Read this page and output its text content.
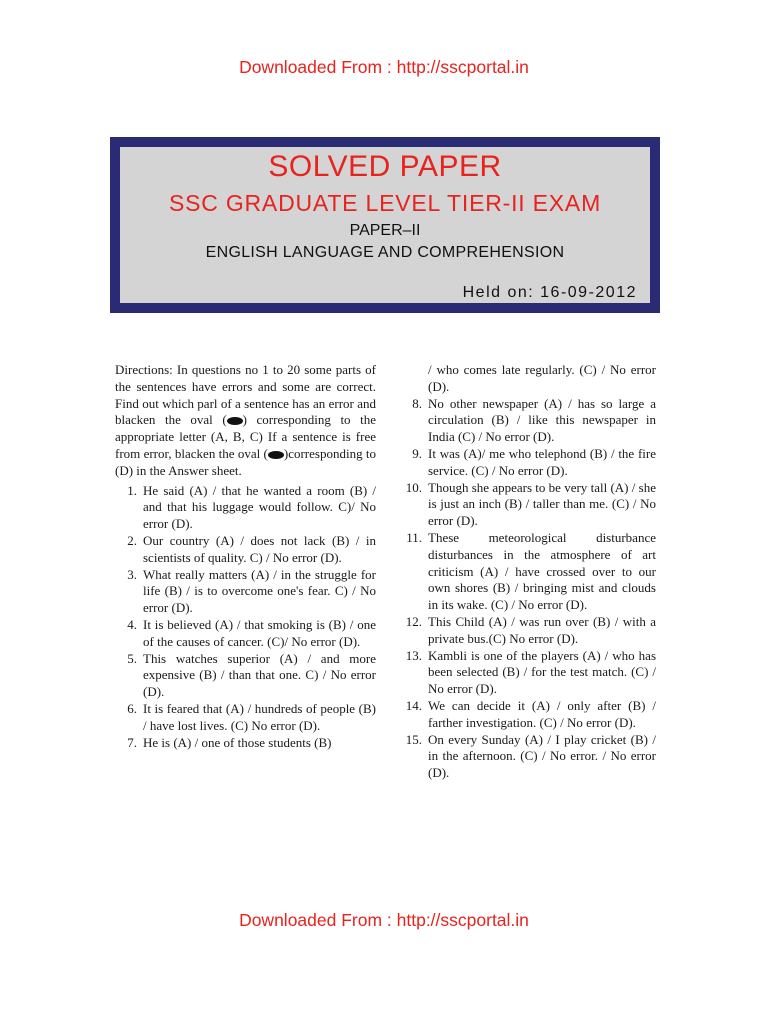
Downloaded From : http://sscportal.in
SOLVED PAPER
SSC GRADUATE LEVEL TIER-II EXAM
PAPER–II
ENGLISH LANGUAGE AND COMPREHENSION
Held on: 16-09-2012

Directions: In questions no 1 to 20 some parts of the sentences have errors and some are correct. Find out which parl of a sentence has an error and blacken the oval ( ) corresponding to the appropriate letter (A, B, C) If a sentence is free from error, blacken the oval ( )corresponding to (D) in the Answer sheet.

1. He said (A) / that he wanted a room (B) / and that his luggage would follow. C)/ No error (D).
2. Our country (A) / does not lack (B) / in scientists of quality. C) / No error (D).
3. What really matters (A) / in the struggle for life (B) / is to overcome one's fear. C) / No error (D).
4. It is believed (A) / that smoking is (B) / one of the causes of cancer. (C)/ No error (D).
5. This watches superior (A) / and more expensive (B) / than that one. C) / No error (D).
6. It is feared that (A) / hundreds of people (B) / have lost lives. (C) No error (D).
7. He is (A) / one of those students (B)
/ who comes late regularly. (C) / No error (D).
8. No other newspaper (A) / has so large a circulation (B) / like this newspaper in India (C) / No error (D).
9. It was (A)/ me who telephond (B) / the fire service. (C) / No error (D).
10. Though she appears to be very tall (A) / she is just an inch (B) / taller than me. (C) / No error (D).
11. These meteorological disturbance disturbances in the atmosphere of art criticism (A) / have crossed over to our own shores (B) / bringing mist and clouds in its wake. (C) / No error (D).
12. This Child (A) / was run over (B) / with a private bus.(C) No error (D).
13. Kambli is one of the players (A) / who has been selected (B) / for the test match. (C) / No error (D).
14. We can decide it (A) / only after (B) / farther investigation. (C) / No error (D).
15. On every Sunday (A) / I play cricket (B) / in the afternoon. (C) / No error. / No error (D).
Downloaded From : http://sscportal.in
